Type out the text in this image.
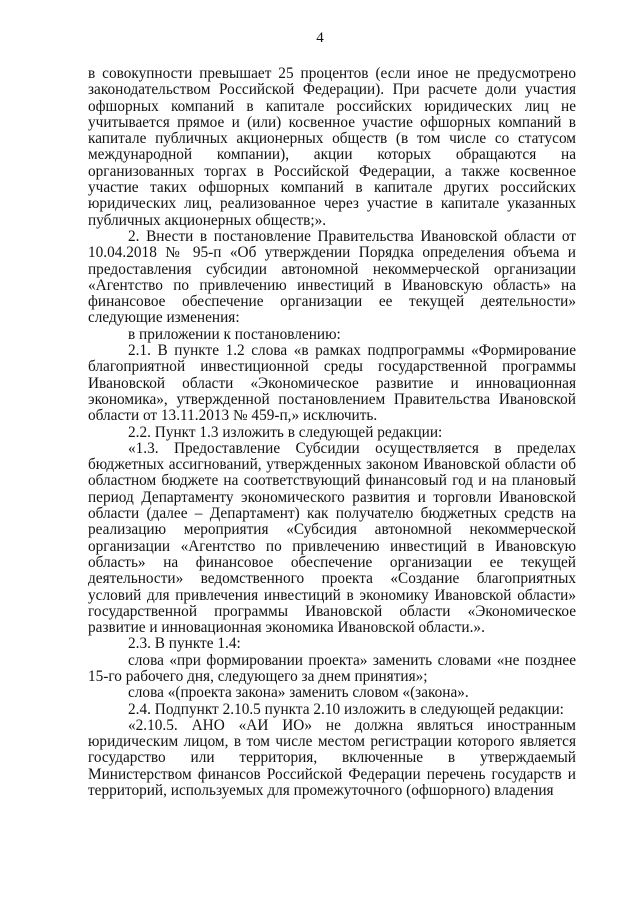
4

в совокупности превышает 25 процентов (если иное не предусмотрено законодательством Российской Федерации). При расчете доли участия офшорных компаний в капитале российских юридических лиц не учитывается прямое и (или) косвенное участие офшорных компаний в капитале публичных акционерных обществ (в том числе со статусом международной компании), акции которых обращаются на организованных торгах в Российской Федерации, а также косвенное участие таких офшорных компаний в капитале других российских юридических лиц, реализованное через участие в капитале указанных публичных акционерных обществ;».

2. Внести в постановление Правительства Ивановской области от 10.04.2018 № 95-п «Об утверждении Порядка определения объема и предоставления субсидии автономной некоммерческой организации «Агентство по привлечению инвестиций в Ивановскую область» на финансовое обеспечение организации ее текущей деятельности» следующие изменения:

в приложении к постановлению:

2.1. В пункте 1.2 слова «в рамках подпрограммы «Формирование благоприятной инвестиционной среды государственной программы Ивановской области «Экономическое развитие и инновационная экономика», утвержденной постановлением Правительства Ивановской области от 13.11.2013 № 459-п,» исключить.

2.2. Пункт 1.3 изложить в следующей редакции:

«1.3. Предоставление Субсидии осуществляется в пределах бюджетных ассигнований, утвержденных законом Ивановской области об областном бюджете на соответствующий финансовый год и на плановый период Департаменту экономического развития и торговли Ивановской области (далее – Департамент) как получателю бюджетных средств на реализацию мероприятия «Субсидия автономной некоммерческой организации «Агентство по привлечению инвестиций в Ивановскую область» на финансовое обеспечение организации ее текущей деятельности» ведомственного проекта «Создание благоприятных условий для привлечения инвестиций в экономику Ивановской области» государственной программы Ивановской области «Экономическое развитие и инновационная экономика Ивановской области.».

2.3. В пункте 1.4:

слова «при формировании проекта» заменить словами «не позднее 15-го рабочего дня, следующего за днем принятия»;

слова «(проекта закона» заменить словом «(закона».

2.4. Подпункт 2.10.5 пункта 2.10 изложить в следующей редакции:

«2.10.5. АНО «АИ ИО» не должна являться иностранным юридическим лицом, в том числе местом регистрации которого является государство или территория, включенные в утверждаемый Министерством финансов Российской Федерации перечень государств и территорий, используемых для промежуточного (офшорного) владения
